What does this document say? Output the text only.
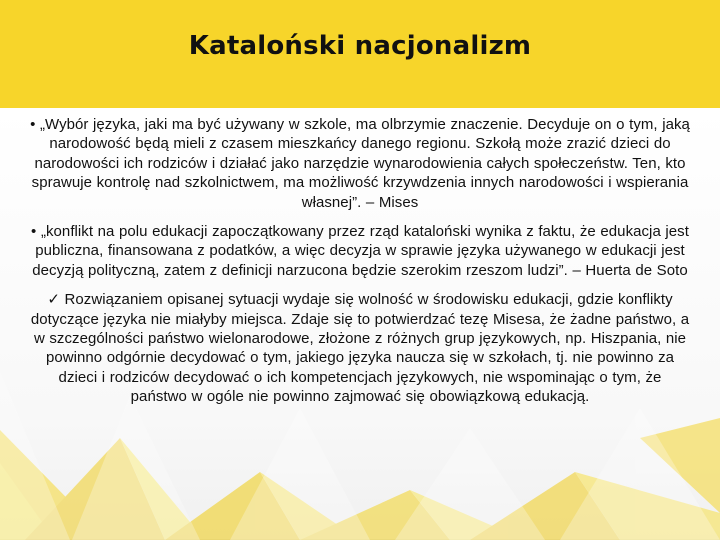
Kataloński nacjonalizm

• „Wybór języka, jaki ma być używany w szkole, ma olbrzymie znaczenie. Decyduje on o tym, jaką narodowość będą mieli z czasem mieszkańcy danego regionu. Szkołą może zrazić dzieci do narodowości ich rodziców i działać jako narzędzie wynarodowienia całych społeczeństw. Ten, kto sprawuje kontrolę nad szkolnictwem, ma możliwość krzywdzenia innych narodowości i wspierania własnej”. – Mises

• „konflikt na polu edukacji zapoczątkowany przez rząd kataloński wynika z faktu, że edukacja jest publiczna, finansowana z podatków, a więc decyzja w sprawie języka używanego w edukacji jest decyzją polityczną, zatem z definicji narzucona będzie szerokim rzeszom ludzi”. – Huerta de Soto

✓ Rozwiązaniem opisanej sytuacji wydaje się wolność w środowisku edukacji, gdzie konflikty dotyczące języka nie miałyby miejsca. Zdaje się to potwierdzać tezę Misesa, że żadne państwo, a w szczególności państwo wielonarodowe, złożone z różnych grup językowych, np. Hiszpania, nie powinno odgórnie decydować o tym, jakiego języka naucza się w szkołach, tj. nie powinno za dzieci i rodziców decydować o ich kompetencjach językowych, nie wspominając o tym, że państwo w ogóle nie powinno zajmować się obowiązkową edukacją.
